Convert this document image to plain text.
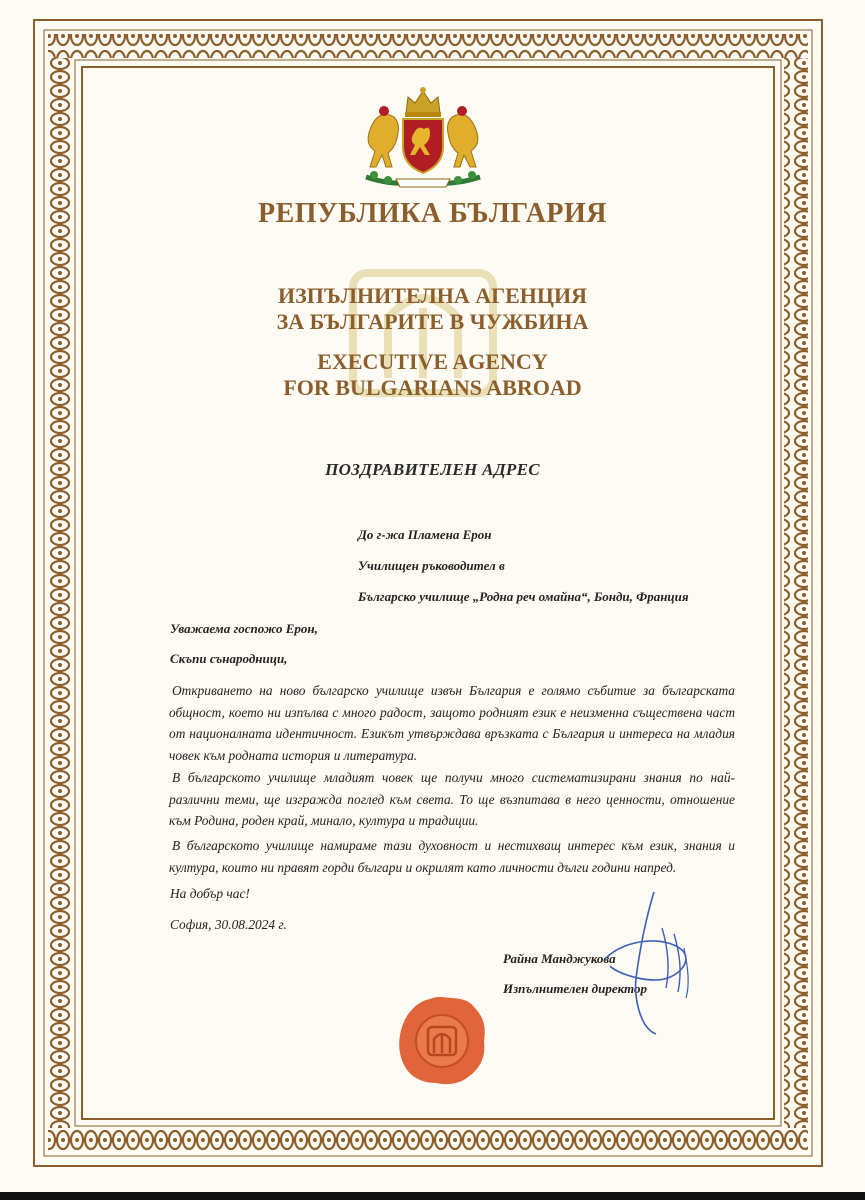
РЕПУБЛИКА БЪЛГАРИЯ
ИЗПЪЛНИТЕЛНА АГЕНЦИЯ
ЗА БЪЛГАРИТЕ В ЧУЖБИНА
EXECUTIVE AGENCY
FOR BULGARIANS ABROAD
ПОЗДРАВИТЕЛЕН АДРЕС
До г-жа Пламена Ерон
Училищен ръководител в
Българско училище „Родна реч омайна“, Бонди, Франция
Уважаема госпожо Ерон,
Скъпи сънародници,

Откриването на ново българско училище извън България е голямо събитие за българската общност, което ни изпълва с много радост, защото родният език е неизменна съществена част от националната идентичност. Езикът утвърждава връзката с България и интереса на младия човек към родната история и литература.

В българското училище младият човек ще получи много систематизирани знания по най-различни теми, ще изгражда поглед към света. То ще възпитава в него ценности, отношение към Родина, роден край, минало, култура и традиции.

В българското училище намираме тази духовност и нестихващ интерес към език, знания и култура, които ни правят горди българи и окрилят като личности дълги години напред.

На добър час!
София, 30.08.2024 г.
Райна Манджукова
Изпълнителен директор
